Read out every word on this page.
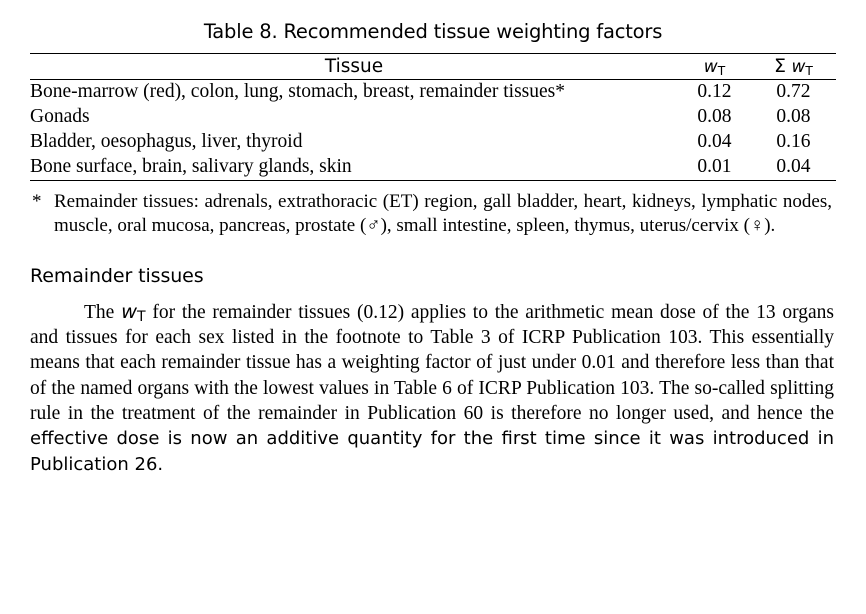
Table 8. Recommended tissue weighting factors
Tissue	$w_T$	Σ $w_T$
Bone-marrow (red), colon, lung, stomach, breast, remainder tissues*	0.12	0.72
Gonads	0.08	0.08
Bladder, oesophagus, liver, thyroid	0.04	0.16
Bone surface, brain, salivary glands, skin	0.01	0.04
* Remainder tissues: adrenals, extrathoracic (ET) region, gall bladder, heart, kidneys, lymphatic nodes, muscle, oral mucosa, pancreas, prostate (♂), small intestine, spleen, thymus, uterus/cervix (♀).
Remainder tissues

The $w_T$ for the remainder tissues (0.12) applies to the arithmetic mean dose of the 13 organs and tissues for each sex listed in the footnote to Table 3 of ICRP Publication 103. This essentially means that each remainder tissue has a weighting factor of just under 0.01 and therefore less than that of the named organs with the lowest values in Table 6 of ICRP Publication 103. The so-called splitting rule in the treatment of the remainder in Publication 60 is therefore no longer used, and hence the effective dose is now an additive quantity for the first time since it was introduced in Publication 26.
